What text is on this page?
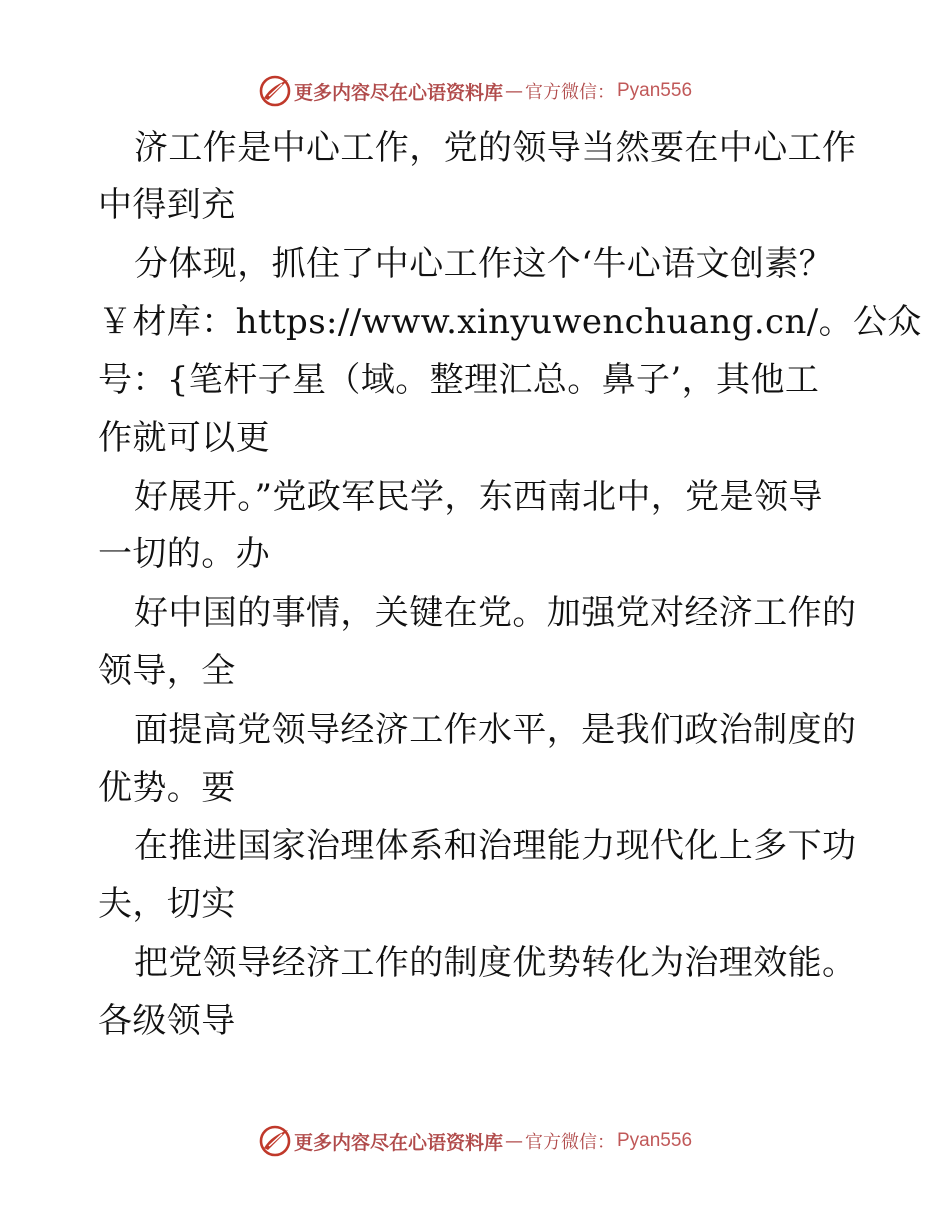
更多内容尽在心语资料库 — 官方微信： Pyan556
济工作是中心工作，党的领导当然要在中心工作
中得到充
分体现，抓住了中心工作这个‘牛心语文创素？
￥材库：https://www.xinyuwenchuang.cn/。公众
号：{笔杆子星（域。整理汇总。鼻子’，其他工
作就可以更
好展开。”党政军民学，东西南北中，党是领导
一切的。办
好中国的事情，关键在党。加强党对经济工作的
领导，全
面提高党领导经济工作水平，是我们政治制度的
优势。要
在推进国家治理体系和治理能力现代化上多下功
夫，切实
把党领导经济工作的制度优势转化为治理效能。
各级领导
更多内容尽在心语资料库 — 官方微信： Pyan556
